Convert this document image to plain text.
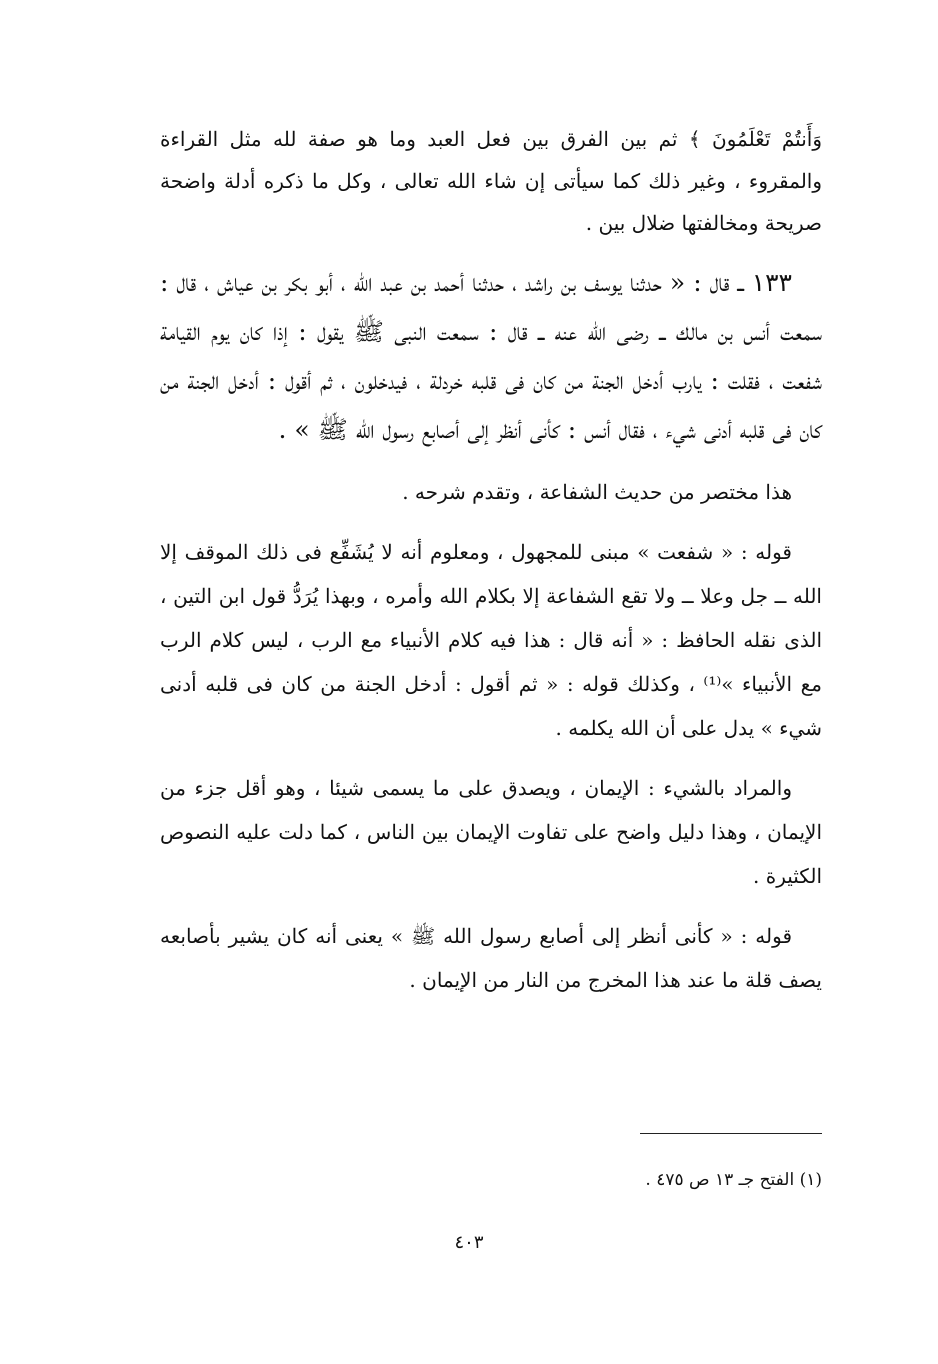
وَأَنتُمْ تَعْلَمُونَ ﴾ ثم بين الفرق بين فعل العبد وما هو صفة لله مثل القراءة والمقروء ، وغير ذلك كما سيأتى إن شاء الله تعالى ، وكل ما ذكره أدلة واضحة صريحة ومخالفتها ضلال بين .

١٣٣ ــ قال : « حدثنا يوسف بن راشد ، حدثنا أحمد بن عبد الله ، أبو بكر بن عياش ، قال : سمعت أنس بن مالك ــ رضى الله عنه ــ قال : سمعت النبى ﷺ يقول : إذا كان يوم القيامة شفعت ، فقلت : يارب أدخل الجنة من كان فى قلبه خردلة ، فيدخلون ، ثم أقول : أدخل الجنة من كان فى قلبه أدنى شيء ، فقال أنس : كأنى أنظر إلى أصابع رسول الله ﷺ » .

هذا مختصر من حديث الشفاعة ، وتقدم شرحه .

قوله : « شفعت » مبنى للمجهول ، ومعلوم أنه لا يُشَفِّع فى ذلك الموقف إلا الله ــ جل وعلا ــ ولا تقع الشفاعة إلا بكلام الله وأمره ، وبهذا يُرَدُّ قول ابن التين ، الذى نقله الحافظ : « أنه قال : هذا فيه كلام الأنبياء مع الرب ، ليس كلام الرب مع الأنبياء »⁽¹⁾ ، وكذلك قوله : « ثم أقول : أدخل الجنة من كان فى قلبه أدنى شيء » يدل على أن الله يكلمه .

والمراد بالشيء : الإيمان ، ويصدق على ما يسمى شيئا ، وهو أقل جزء من الإيمان ، وهذا دليل واضح على تفاوت الإيمان بين الناس ، كما دلت عليه النصوص الكثيرة .

قوله : « كأنى أنظر إلى أصابع رسول الله ﷺ » يعنى أنه كان يشير بأصابعه يصف قلة ما عند هذا المخرج من النار من الإيمان .

(١) الفتح جـ ١٣ ص ٤٧٥ .

٤٠٣
